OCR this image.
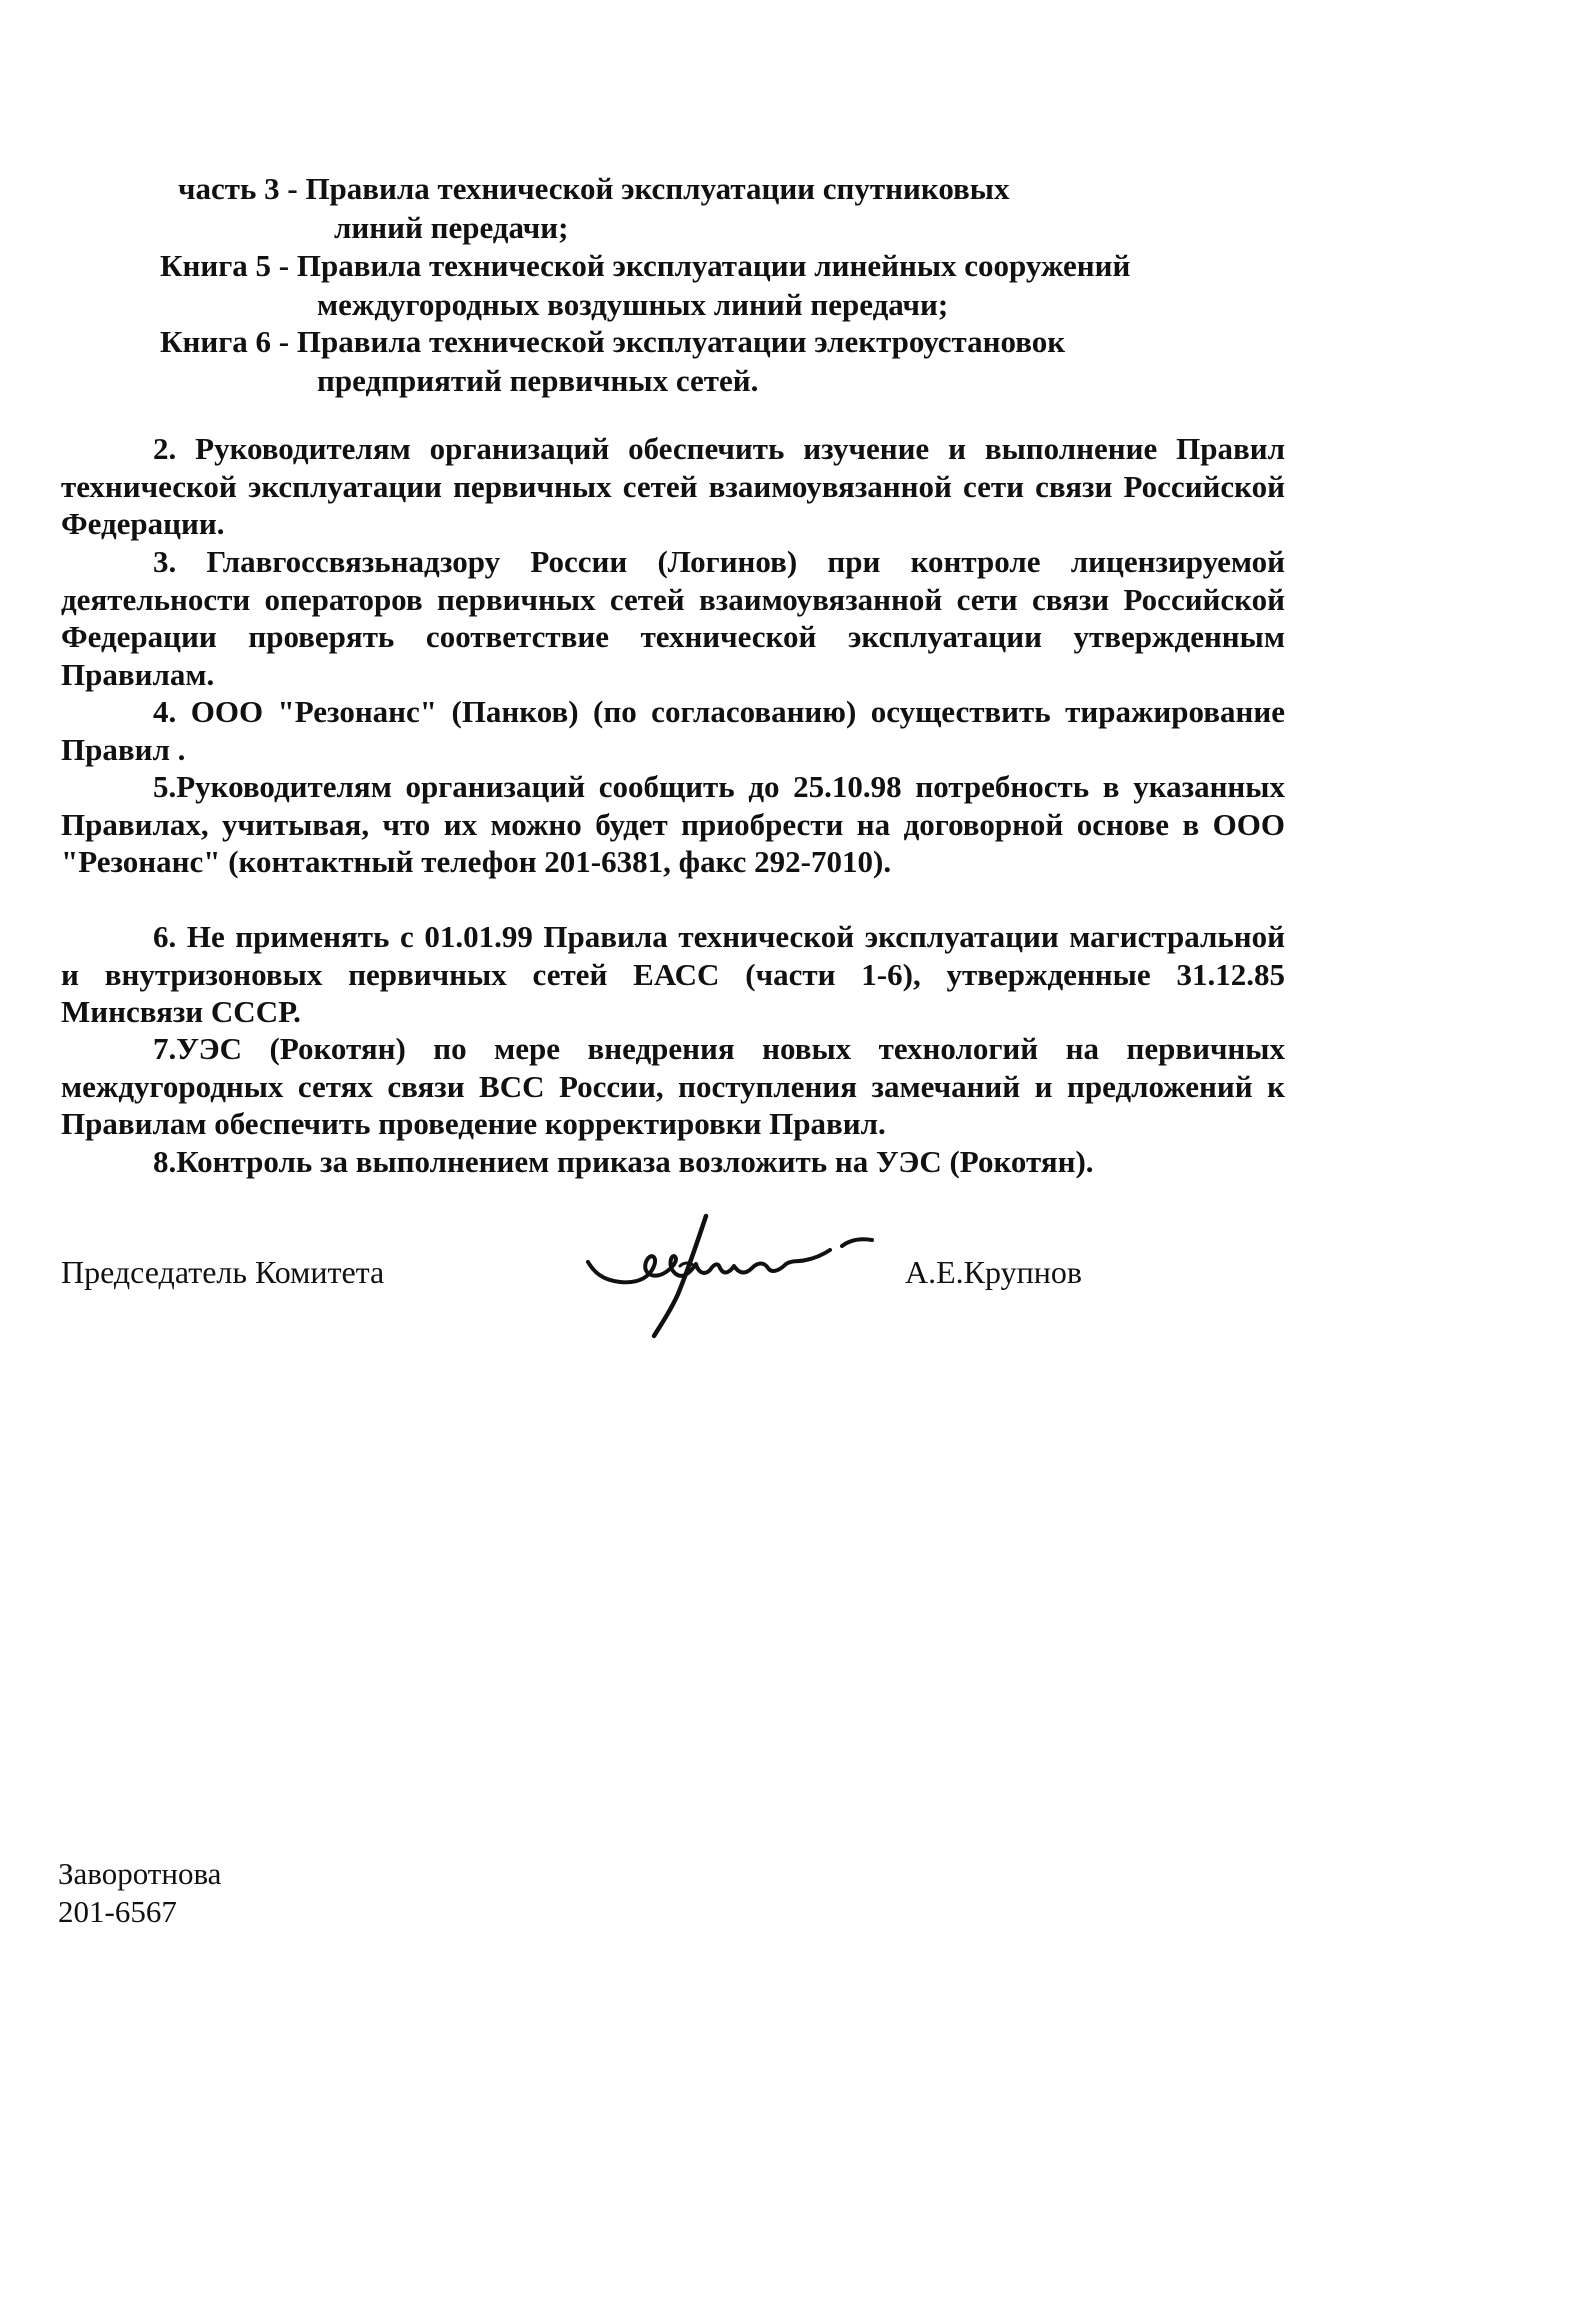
часть 3 - Правила технической эксплуатации спутниковых
линий передачи;
Книга 5 - Правила технической эксплуатации линейных сооружений
междугородных воздушных линий передачи;
Книга 6 - Правила технической эксплуатации электроустановок
предприятий первичных сетей.
2. Руководителям организаций обеспечить изучение и выполнение Правил технической эксплуатации первичных сетей взаимоувязанной сети связи Российской Федерации.
3. Главгоссвязьнадзору России (Логинов) при контроле лицензируемой деятельности операторов первичных сетей взаимоувязанной сети связи Российской Федерации проверять соответствие технической эксплуатации утвержденным Правилам.
4. ООО "Резонанс" (Панков) (по согласованию) осуществить тиражирование Правил .
5.Руководителям организаций сообщить до 25.10.98 потребность в указанных Правилах, учитывая, что их можно будет приобрести на договорной основе в ООО "Резонанс" (контактный телефон 201-6381, факс 292-7010).
6. Не применять с 01.01.99 Правила технической эксплуатации магистральной и внутризоновых первичных сетей ЕАСС (части 1-6), утвержденные 31.12.85 Минсвязи СССР.
7.УЭС (Рокотян) по мере внедрения новых технологий на первичных междугородных сетях связи ВСС России, поступления замечаний и предложений к Правилам обеспечить проведение корректировки Правил.
8.Контроль за выполнением приказа возложить на УЭС (Рокотян).
Председатель Комитета	А.Е.Крупнов
Заворотнова
201-6567
